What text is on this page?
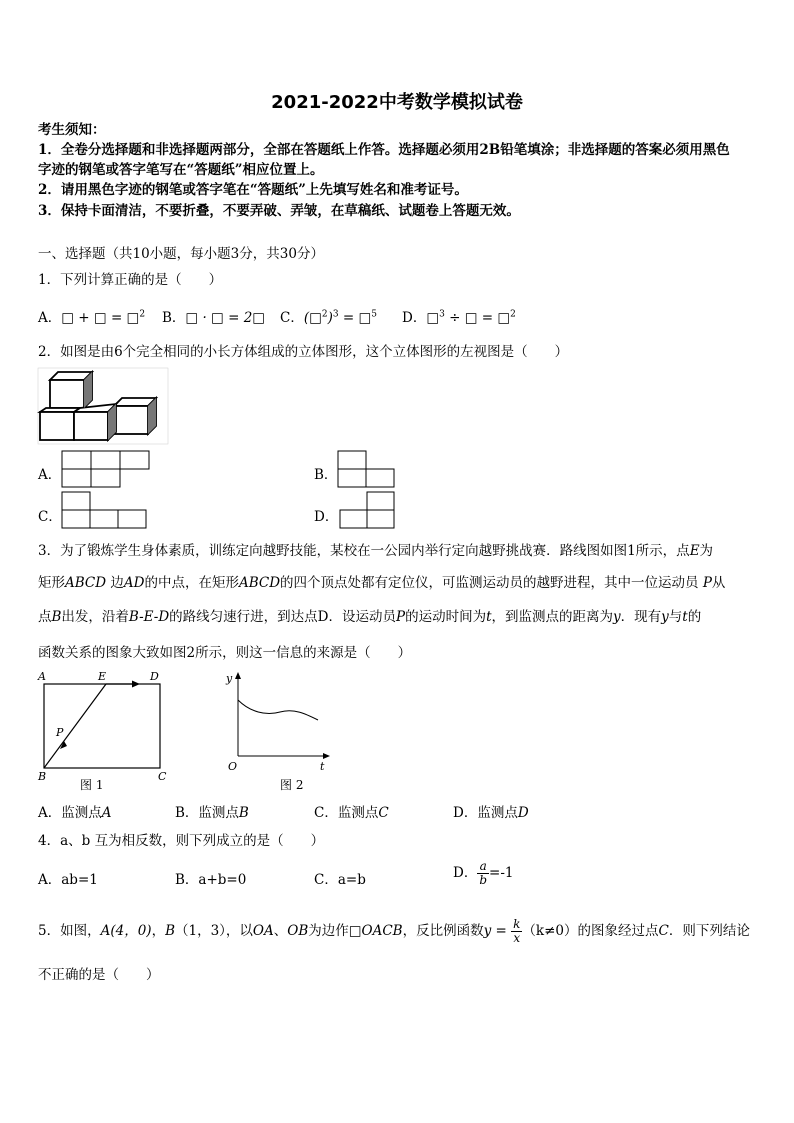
2021-2022中考数学模拟试卷
考生须知：
1．全卷分选择题和非选择题两部分，全部在答题纸上作答。选择题必须用2B铅笔填涂；非选择题的答案必须用黑色
字迹的钢笔或答字笔写在“答题纸”相应位置上。
2．请用黑色字迹的钢笔或答字笔在“答题纸”上先填写姓名和准考证号。
3．保持卡面清洁，不要折叠，不要弄破、弄皱，在草稿纸、试题卷上答题无效。
一、选择题（共10小题，每小题3分，共30分）
1．下列计算正确的是（　　）
A．□ + □ = □$^2$ B．□ · □ = 2□ C．(□$^2$)$^3$ = □$^5$ D．□$^3$ ÷ □ = □$^2$
2．如图是由6个完全相同的小长方体组成的立体图形，这个立体图形的左视图是（　　）
A．	B．
C．	D．
3．为了锻炼学生身体素质，训练定向越野技能，某校在一公园内举行定向越野挑战赛．路线图如图1所示，点E为
矩形ABCD 边AD的中点，在矩形ABCD的四个顶点处都有定位仪，可监测运动员的越野进程，其中一位运动员 P从
点B出发，沿着B-E-D的路线匀速行进，到达点D．设运动员P的运动时间为t，到监测点的距离为y．现有y与t的
函数关系的图象大致如图2所示，则这一信息的来源是（　　）
A	E	D
P
B	C
图 1
y
O	t
图 2
A．监测点A	B．监测点B	C．监测点C	D．监测点D
4．a、b 互为相反数，则下列成立的是（　　）
A．ab=1	B．a+b=0	C．a=b	D． $\frac{a}{b} =-1$
5．如图，A(4，0)，B（1，3），以OA、OB为边作□OACB，反比例函数$y = \frac{k}{x} (k\ne 0)$的图象经过点C．则下列结论
不正确的是（　　）
